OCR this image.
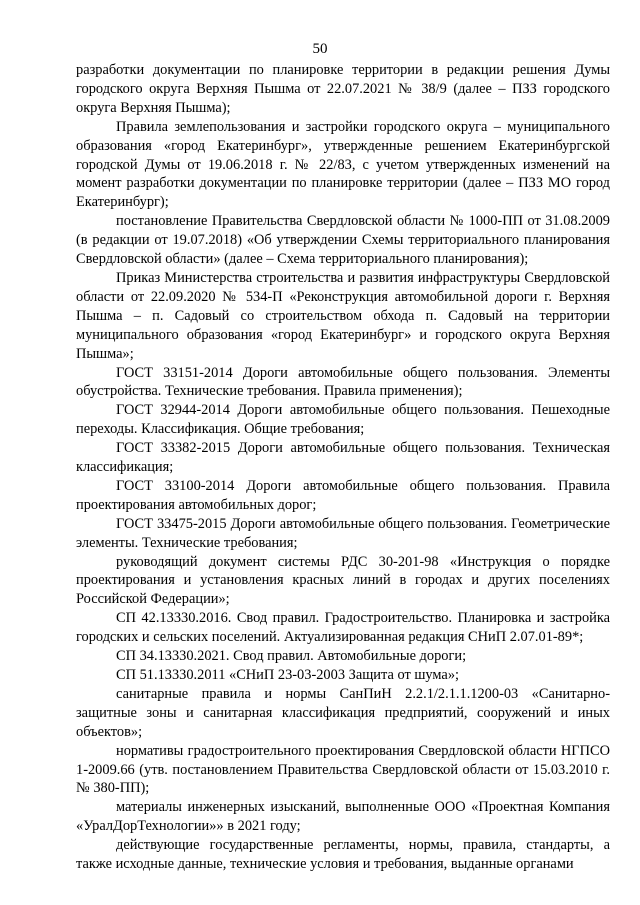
50

разработки документации по планировке территории в редакции решения Думы городского округа Верхняя Пышма от 22.07.2021 № 38/9 (далее – ПЗЗ городского округа Верхняя Пышма);

Правила землепользования и застройки городского округа – муниципального образования «город Екатеринбург», утвержденные решением Екатеринбургской городской Думы от 19.06.2018 г. № 22/83, с учетом утвержденных изменений на момент разработки документации по планировке территории (далее – ПЗЗ МО город Екатеринбург);

постановление Правительства Свердловской области № 1000-ПП от 31.08.2009 (в редакции от 19.07.2018) «Об утверждении Схемы территориального планирования Свердловской области» (далее – Схема территориального планирования);

Приказ Министерства строительства и развития инфраструктуры Свердловской области от 22.09.2020 № 534-П «Реконструкция автомобильной дороги г. Верхняя Пышма – п. Садовый со строительством обхода п. Садовый на территории муниципального образования «город Екатеринбург» и городского округа Верхняя Пышма»;

ГОСТ 33151-2014 Дороги автомобильные общего пользования. Элементы обустройства. Технические требования. Правила применения);

ГОСТ 32944-2014 Дороги автомобильные общего пользования. Пешеходные переходы. Классификация. Общие требования;

ГОСТ 33382-2015 Дороги автомобильные общего пользования. Техническая классификация;

ГОСТ 33100-2014 Дороги автомобильные общего пользования. Правила проектирования автомобильных дорог;

ГОСТ 33475-2015 Дороги автомобильные общего пользования. Геометрические элементы. Технические требования;

руководящий документ системы РДС 30-201-98 «Инструкция о порядке проектирования и установления красных линий в городах и других поселениях Российской Федерации»;

СП 42.13330.2016. Свод правил. Градостроительство. Планировка и застройка городских и сельских поселений. Актуализированная редакция СНиП 2.07.01-89*;

СП 34.13330.2021. Свод правил. Автомобильные дороги;

СП 51.13330.2011 «СНиП 23-03-2003 Защита от шума»;

санитарные правила и нормы СанПиН 2.2.1/2.1.1.1200-03 «Санитарно-защитные зоны и санитарная классификация предприятий, сооружений и иных объектов»;

нормативы градостроительного проектирования Свердловской области НГПСО 1-2009.66 (утв. постановлением Правительства Свердловской области от 15.03.2010 г. № 380-ПП);

материалы инженерных изысканий, выполненные ООО «Проектная Компания «УралДорТехнологии»» в 2021 году;

действующие государственные регламенты, нормы, правила, стандарты, а также исходные данные, технические условия и требования, выданные органами
